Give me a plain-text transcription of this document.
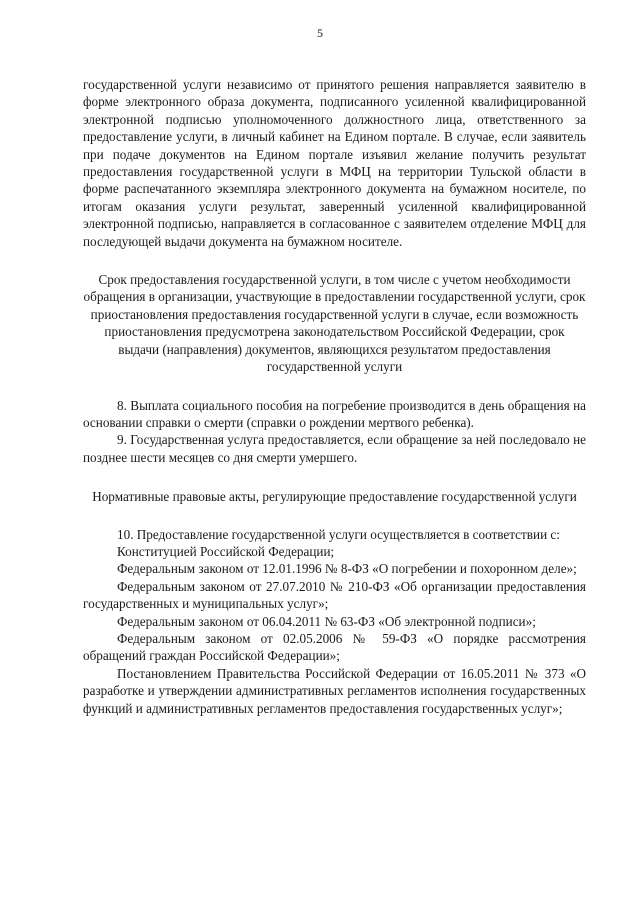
5

государственной услуги независимо от принятого решения направляется заявителю в форме электронного образа документа, подписанного усиленной квалифицированной электронной подписью уполномоченного должностного лица, ответственного за предоставление услуги, в личный кабинет на Едином портале. В случае, если заявитель при подаче документов на Едином портале изъявил желание получить результат предоставления государственной услуги в МФЦ на территории Тульской области в форме распечатанного экземпляра электронного документа на бумажном носителе, по итогам оказания услуги результат, заверенный усиленной квалифицированной электронной подписью, направляется в согласованное с заявителем отделение МФЦ для последующей выдачи документа на бумажном носителе.

Срок предоставления государственной услуги, в том числе с учетом необходимости обращения в организации, участвующие в предоставлении государственной услуги, срок приостановления предоставления государственной услуги в случае, если возможность приостановления предусмотрена законодательством Российской Федерации, срок выдачи (направления) документов, являющихся результатом предоставления государственной услуги

8. Выплата социального пособия на погребение производится в день обращения на основании справки о смерти (справки о рождении мертвого ребенка).

9. Государственная услуга предоставляется, если обращение за ней последовало не позднее шести месяцев со дня смерти умершего.

Нормативные правовые акты, регулирующие предоставление государственной услуги

10. Предоставление государственной услуги осуществляется в соответствии с:

Конституцией Российской Федерации;

Федеральным законом от 12.01.1996 № 8-ФЗ «О погребении и похоронном деле»;

Федеральным законом от 27.07.2010 № 210-ФЗ «Об организации предоставления государственных и муниципальных услуг»;

Федеральным законом от 06.04.2011 № 63-ФЗ «Об электронной подписи»;

Федеральным законом от 02.05.2006 № 59-ФЗ «О порядке рассмотрения обращений граждан Российской Федерации»;

Постановлением Правительства Российской Федерации от 16.05.2011 № 373 «О разработке и утверждении административных регламентов исполнения государственных функций и административных регламентов предоставления государственных услуг»;
